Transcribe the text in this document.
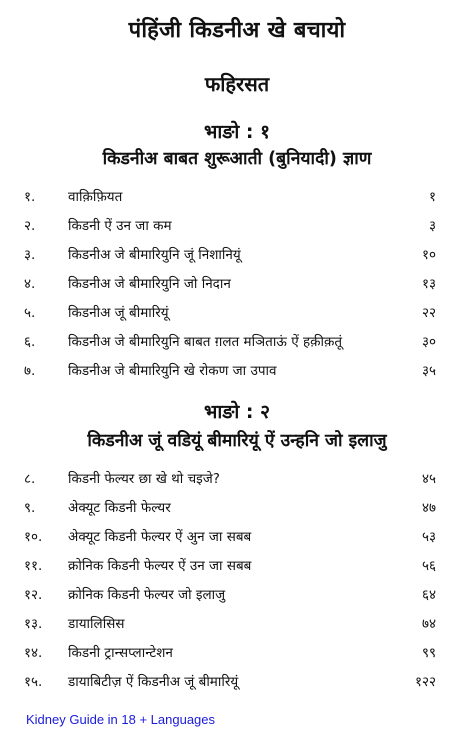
पंहिंजी किडनीअ खे बचायो
फहिरसत
भाङो : १
किडनीअ बाबत शुरूआती (बुनियादी) ज्ञाण
१.	वाक़िफ़ियत	१
२.	किडनी ऐं उन जा कम	३
३.	किडनीअ जे बीमारियुनि जूं निशानियूं	१०
४.	किडनीअ जे बीमारियुनि जो निदान	१३
५.	किडनीअ जूं बीमारियूं	२२
६.	किडनीअ जे बीमारियुनि बाबत ग़लत मञिताऊं ऐं हक़ीक़तूं	३०
७.	किडनीअ जे बीमारियुनि खे रोकण जा उपाव	३५
भाङो : २
किडनीअ जूं वडियूं बीमारियूं ऐं उन्हनि जो इलाजु
८.	किडनी फेल्यर छा खे थो चइजे?	४५
९.	अेक्यूट किडनी फेल्यर	४७
१०.	अेक्यूट किडनी फेल्यर ऐं अुन जा सबब	५३
११.	क्रोनिक किडनी फेल्यर ऐं उन जा सबब	५६
१२.	क्रोनिक किडनी फेल्यर जो इलाजु	६४
१३.	डायालिसिस	७४
१४.	किडनी ट्रान्सप्लान्टेशन	९९
१५.	डायाबिटीज़ ऐं किडनीअ जूं बीमारियूं	१२२
Kidney Guide in 18 + Languages
